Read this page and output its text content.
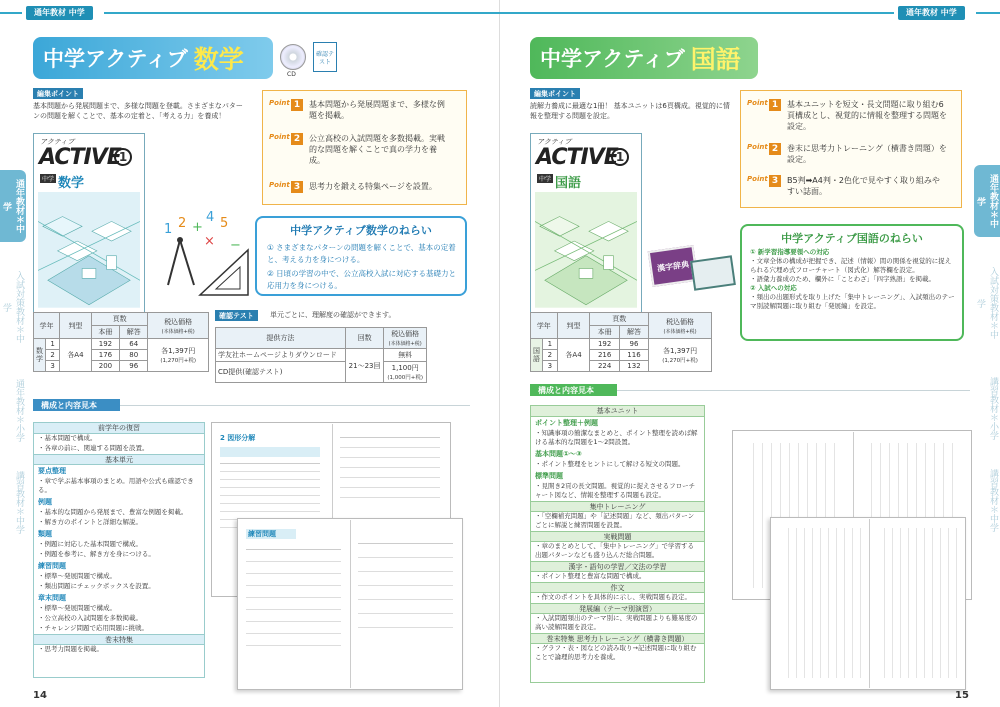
通年教材 中学
中学アクティブ 数学
CD
確認テスト
編集ポイント
基本問題から発展問題まで、多様な問題を登載。さまざまなパターンの問題を解くことで、基本の定着と、「考える力」を養成！
アクティブ
ACTIVE
1
中学 数学
1 2 +
4 5
−
×
Point 1	基本問題から発展問題まで、多様な例題を掲載。
Point 2	公立高校の入試問題を多数掲載。実戦的な問題を解くことで真の学力を養成。
Point 3	思考力を鍛える特集ページを設置。
中学アクティブ数学のねらい
① さまざまなパターンの問題を解くことで、基本の定着と、考える力を身につける。
② 日頃の学習の中で、公立高校入試に対応する基礎力と応用力を身につける。
学年		判型	頁数		税込価格
(本体価格+税)
			本冊	解答	
数学	1	各A4	192	64	各1,397円
(1,270円+税)
	2		176	80	
	3		200	96	
確認テスト	単元ごとに、理解度の確認ができます。
提供方法	回数	税込価格
(本体価格+税)
学友社ホームページよりダウンロード	21～23回	無料
CD提供(確認テスト)		1,100円
(1,000円+税)
構成と内容見本
前学年の復習
・基本問題で構成。
・各章の前に、関連する問題を設置。
基本単元
要点整理
・章で学ぶ基本事項のまとめ。用語や公式も確認できる。
例題
・基本的な問題から発展まで、豊富な例題を掲載。
・解き方のポイントと詳細な解説。
類題
・例題に対応した基本問題で構成。
・例題を参考に、解き方を身につける。
練習問題
・標準～発展問題で構成。
・類出問題にチェックボックスを設置。
章末問題
・標準～発展問題で構成。
・公立高校の入試問題を多数掲載。
・チャレンジ問題で応用問題に挑戦。
巻末特集
・思考力問題を掲載。
2 図形分解
練習問題
通年教材＊中学
入試対策教材＊中学
通年教材＊小学
講習教材＊中学
14
通年教材 中学
中学アクティブ 国語
編集ポイント
読解力養成に最適な1冊！ 基本ユニットは6頁構成。視覚的に情報を整理する問題を設定。
アクティブ
ACTIVE
1
中学 国語
漢字辞典
Point 1	基本ユニットを短文・長文問題に取り組む6頁構成とし、視覚的に情報を整理する問題を設定。
Point 2	巻末に思考力トレーニング（横書き問題）を設定。
Point 3	B5判➡A4判・2色化で見やすく取り組みやすい誌面。
中学アクティブ国語のねらい
① 新学習指導要領への対応
・文章全体の構成が把握でき、記述（情報）間の関係を視覚的に捉えられる穴埋め式フローチャート（図式化）解答欄を設定。
・語彙力養成のため、欄外に「ことわざ」「四字熟語」を掲載。
② 入試への対応
・頻出の出題形式を取り上げた「集中トレーニング」、入試頻出のテーマ別読解問題に取り組む「発展編」を設定。
学年		判型	頁数		税込価格
(本体価格+税)
			本冊	解答	
国語	1	各A4	192	96	各1,397円
(1,270円+税)
	2		216	116	
	3		224	132	
構成と内容見本
基本ユニット
ポイント整理＋例題
・知識事項の簡潔なまとめと、ポイント整理を読めば解ける基本的な問題を1～2問設置。
基本問題①～③
・ポイント整理をヒントにして解ける短文の問題。
標準問題
・見開き2頁の長文問題。視覚的に捉えさせるフローチャート図など、情報を整理する問題も設定。
集中トレーニング
・「空欄補充問題」や「記述問題」など、頻出パターンごとに解説と練習問題を設置。
実戦問題
・章のまとめとして、「集中トレーニング」で学習する出題パターンなども盛り込んだ総合問題。
漢字・語句の学習／文法の学習
・ポイント整理と豊富な問題で構成。
作文
・作文のポイントを具体的に示し、実戦問題も設定。
発展編（テーマ別演習）
・入試問題頻出のテーマ別に、実戦問題よりも難易度の高い読解問題を設定。
巻末特集 思考力トレーニング（横書き問題）
・グラフ・表・図などの読み取り→記述問題に取り組むことで論理的思考力を養成。
通年教材＊中学
入試対策教材＊中学
講習教材＊小学
講習教材＊中学
15
